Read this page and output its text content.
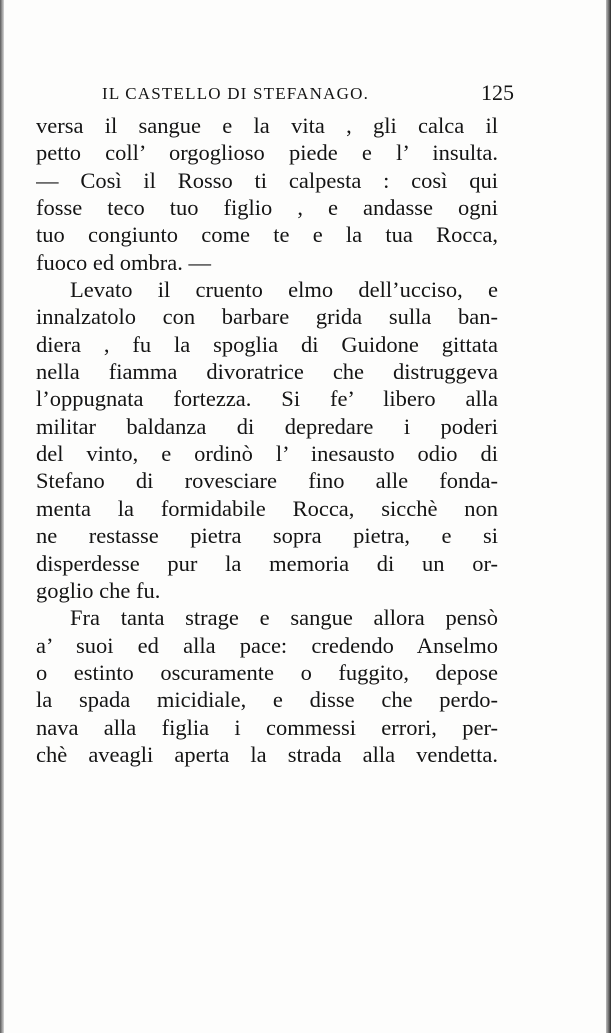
IL CASTELLO DI STEFANAGO.	125
versa il sangue e la vita , gli calca il
petto coll’ orgoglioso piede e l’ insulta.
— Così il Rosso ti calpesta : così qui
fosse teco tuo figlio , e andasse ogni
tuo congiunto come te e la tua Rocca,
fuoco ed ombra. —
Levato il cruento elmo dell’ucciso, e
innalzatolo con barbare grida sulla ban-
diera , fu la spoglia di Guidone gittata
nella fiamma divoratrice che distruggeva
l’oppugnata fortezza. Si fe’ libero alla
militar baldanza di depredare i poderi
del vinto, e ordinò l’ inesausto odio di
Stefano di rovesciare fino alle fonda-
menta la formidabile Rocca, sicchè non
ne restasse pietra sopra pietra, e si
disperdesse pur la memoria di un or-
goglio che fu.
Fra tanta strage e sangue allora pensò
a’ suoi ed alla pace: credendo Anselmo
o estinto oscuramente o fuggito, depose
la spada micidiale, e disse che perdo-
nava alla figlia i commessi errori, per-
chè aveagli aperta la strada alla vendetta.
